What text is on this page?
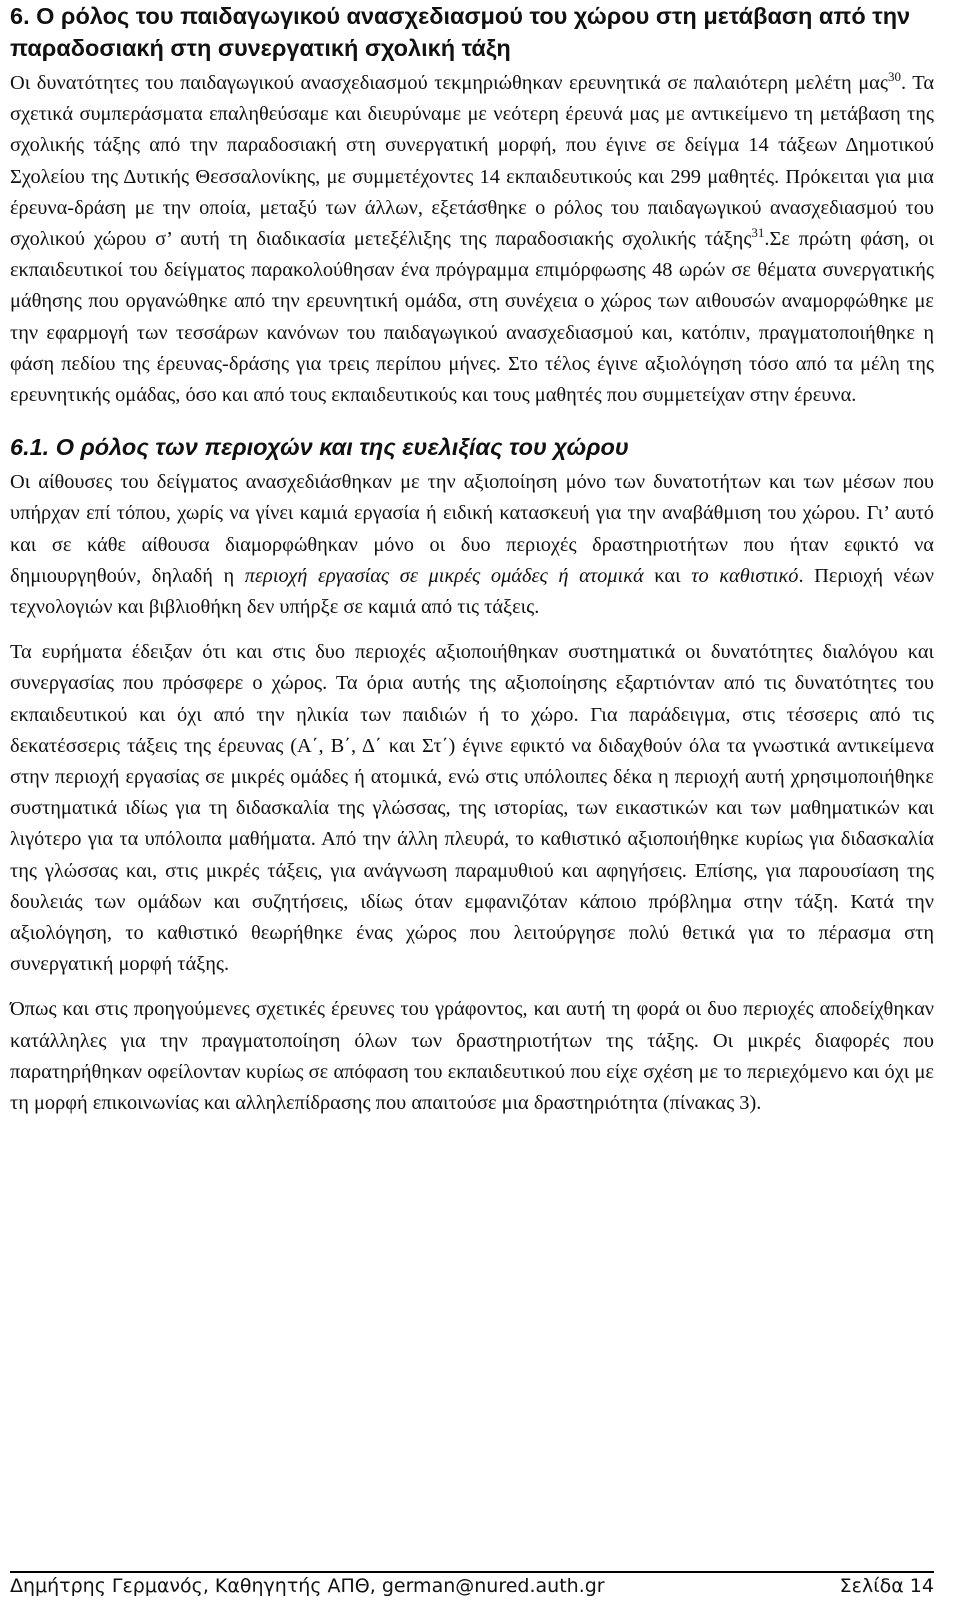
6. Ο ρόλος του παιδαγωγικού ανασχεδιασμού του χώρου στη μετάβαση από την παραδοσιακή στη συνεργατική σχολική τάξη

Οι δυνατότητες του παιδαγωγικού ανασχεδιασμού τεκμηριώθηκαν ερευνητικά σε παλαιότερη μελέτη μας$^{30}$. Τα σχετικά συμπεράσματα επαληθεύσαμε και διευρύναμε με νεότερη έρευνά μας με αντικείμενο τη μετάβαση της σχολικής τάξης από την παραδοσιακή στη συνεργατική μορφή, που έγινε σε δείγμα 14 τάξεων Δημοτικού Σχολείου της Δυτικής Θεσσαλονίκης, με συμμετέχοντες 14 εκπαιδευτικούς και 299 μαθητές. Πρόκειται για μια έρευνα-δράση με την οποία, μεταξύ των άλλων, εξετάσθηκε ο ρόλος του παιδαγωγικού ανασχεδιασμού του σχολικού χώρου σ’ αυτή τη διαδικασία μετεξέλιξης της παραδοσιακής σχολικής τάξης$^{31}$.Σε πρώτη φάση, οι εκπαιδευτικοί του δείγματος παρακολούθησαν ένα πρόγραμμα επιμόρφωσης 48 ωρών σε θέματα συνεργατικής μάθησης που οργανώθηκε από την ερευνητική ομάδα, στη συνέχεια ο χώρος των αιθουσών αναμορφώθηκε με την εφαρμογή των τεσσάρων κανόνων του παιδαγωγικού ανασχεδιασμού και, κατόπιν, πραγματοποιήθηκε η φάση πεδίου της έρευνας-δράσης για τρεις περίπου μήνες. Στο τέλος έγινε αξιολόγηση τόσο από τα μέλη της ερευνητικής ομάδας, όσο και από τους εκπαιδευτικούς και τους μαθητές που συμμετείχαν στην έρευνα.

6.1. Ο ρόλος των περιοχών και της ευελιξίας του χώρου

Οι αίθουσες του δείγματος ανασχεδιάσθηκαν με την αξιοποίηση μόνο των δυνατοτήτων και των μέσων που υπήρχαν επί τόπου, χωρίς να γίνει καμιά εργασία ή ειδική κατασκευή για την αναβάθμιση του χώρου. Γι’ αυτό και σε κάθε αίθουσα διαμορφώθηκαν μόνο οι δυο περιοχές δραστηριοτήτων που ήταν εφικτό να δημιουργηθούν, δηλαδή η περιοχή εργασίας σε μικρές ομάδες ή ατομικά και το καθιστικό. Περιοχή νέων τεχνολογιών και βιβλιοθήκη δεν υπήρξε σε καμιά από τις τάξεις.

Τα ευρήματα έδειξαν ότι και στις δυο περιοχές αξιοποιήθηκαν συστηματικά οι δυνατότητες διαλόγου και συνεργασίας που πρόσφερε ο χώρος. Τα όρια αυτής της αξιοποίησης εξαρτιόνταν από τις δυνατότητες του εκπαιδευτικού και όχι από την ηλικία των παιδιών ή το χώρο. Για παράδειγμα, στις τέσσερις από τις δεκατέσσερις τάξεις της έρευνας (Α΄, Β΄, Δ΄ και Στ΄) έγινε εφικτό να διδαχθούν όλα τα γνωστικά αντικείμενα στην περιοχή εργασίας σε μικρές ομάδες ή ατομικά, ενώ στις υπόλοιπες δέκα η περιοχή αυτή χρησιμοποιήθηκε συστηματικά ιδίως για τη διδασκαλία της γλώσσας, της ιστορίας, των εικαστικών και των μαθηματικών και λιγότερο για τα υπόλοιπα μαθήματα. Από την άλλη πλευρά, το καθιστικό αξιοποιήθηκε κυρίως για διδασκαλία της γλώσσας και, στις μικρές τάξεις, για ανάγνωση παραμυθιού και αφηγήσεις. Επίσης, για παρουσίαση της δουλειάς των ομάδων και συζητήσεις, ιδίως όταν εμφανιζόταν κάποιο πρόβλημα στην τάξη. Κατά την αξιολόγηση, το καθιστικό θεωρήθηκε ένας χώρος που λειτούργησε πολύ θετικά για το πέρασμα στη συνεργατική μορφή τάξης.

Όπως και στις προηγούμενες σχετικές έρευνες του γράφοντος, και αυτή τη φορά οι δυο περιοχές αποδείχθηκαν κατάλληλες για την πραγματοποίηση όλων των δραστηριοτήτων της τάξης. Οι μικρές διαφορές που παρατηρήθηκαν οφείλονταν κυρίως σε απόφαση του εκπαιδευτικού που είχε σχέση με το περιεχόμενο και όχι με τη μορφή επικοινωνίας και αλληλεπίδρασης που απαιτούσε μια δραστηριότητα (πίνακας 3).

Δημήτρης Γερμανός, Καθηγητής ΑΠΘ, german@nured.auth.gr	Σελίδα 14
